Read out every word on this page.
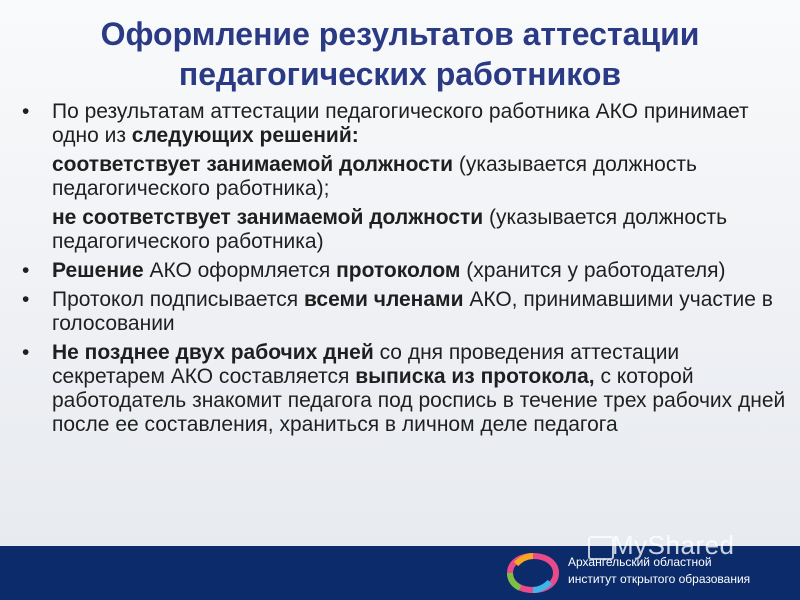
Оформление результатов аттестации
педагогических работников
• По результатам аттестации педагогического работника АКО принимает одно из следующих решений:
соответствует занимаемой должности (указывается должность педагогического работника);
не соответствует занимаемой должности (указывается должность педагогического работника)
• Решение АКО оформляется протоколом (хранится у работодателя)
• Протокол подписывается всеми членами АКО, принимавшими участие в голосовании
• Не позднее двух рабочих дней со дня проведения аттестации секретарем АКО составляется выписка из протокола, с которой работодатель знакомит педагога под роспись в течение трех рабочих дней после ее составления, храниться в личном деле педагога
Архангельский областной
институт открытого образования
MyShared
